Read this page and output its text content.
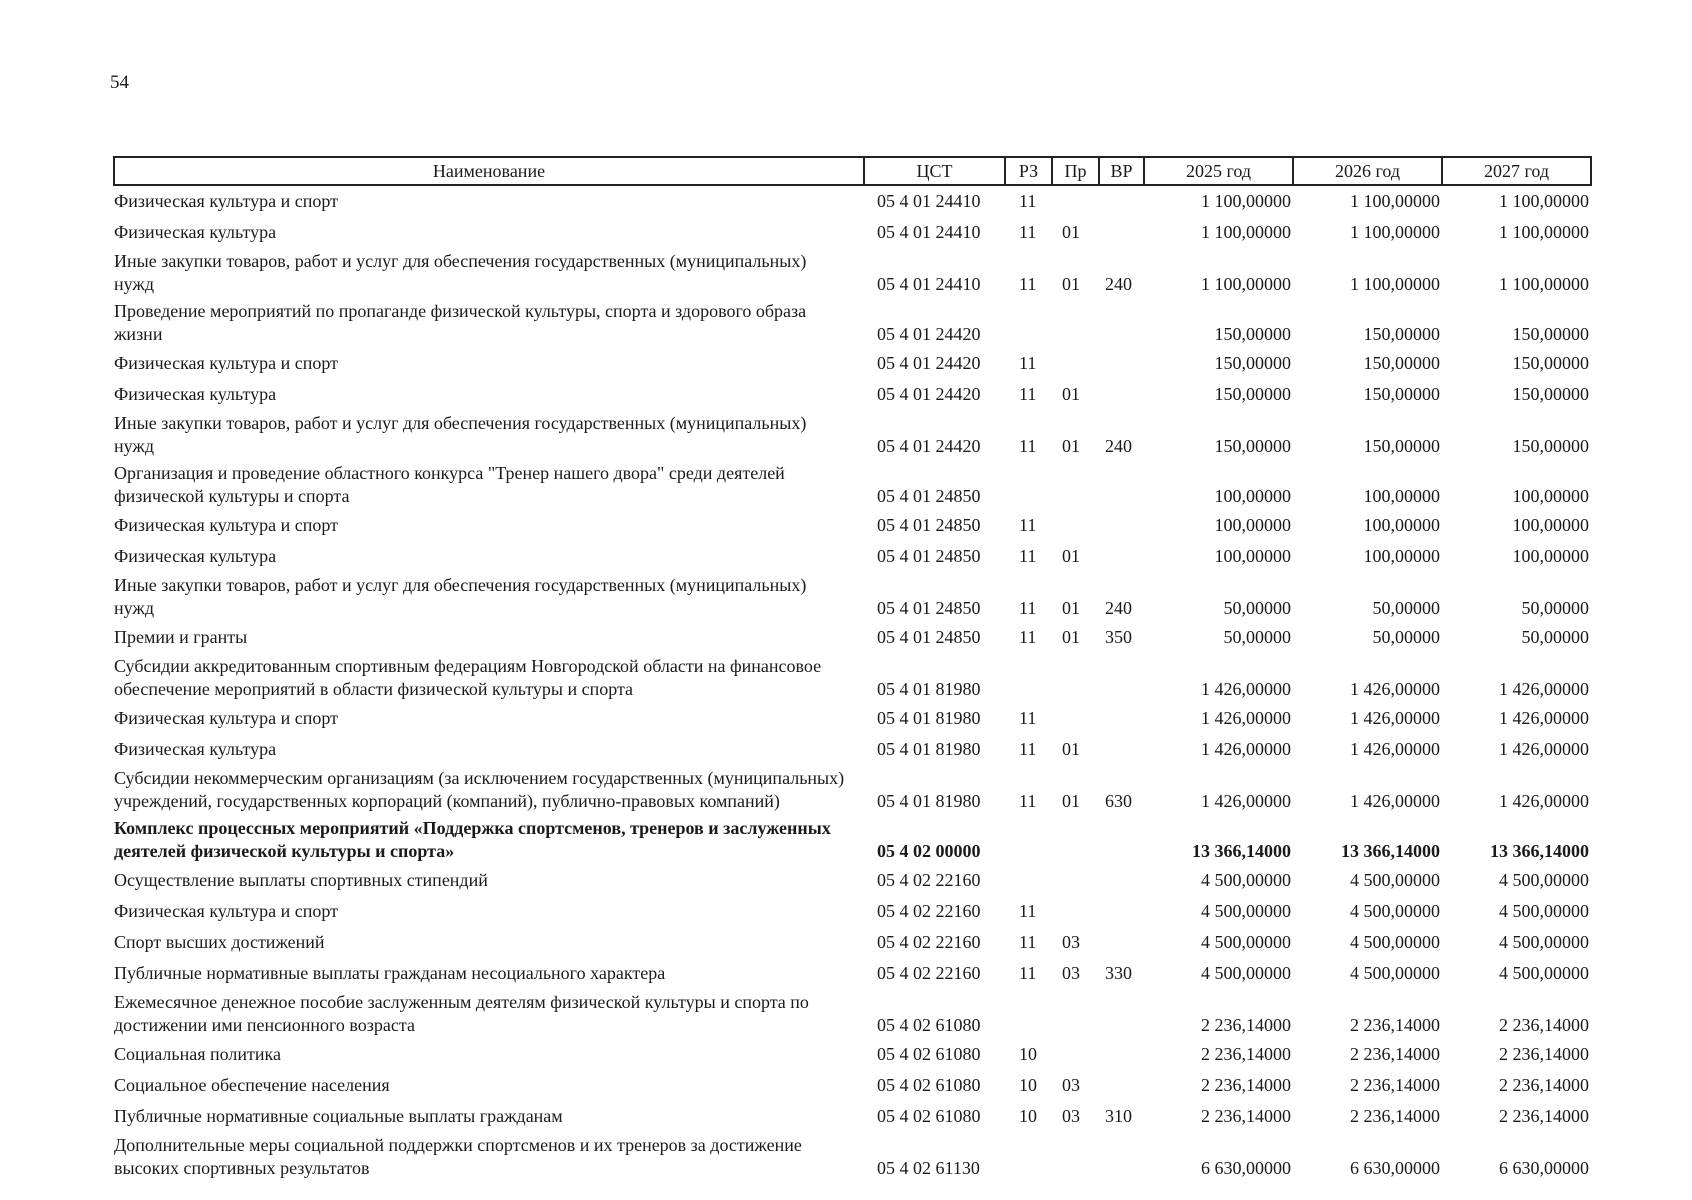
54
Наименование	ЦСТ	РЗ	Пр	ВР	2025 год	2026 год	2027 год
Физическая культура и спорт	05 4 01 24410	11			1 100,00000	1 100,00000	1 100,00000
Физическая культура	05 4 01 24410	11	01		1 100,00000	1 100,00000	1 100,00000
Иные закупки товаров, работ и услуг для обеспечения государственных (муниципальных) нужд	05 4 01 24410	11	01	240	1 100,00000	1 100,00000	1 100,00000
Проведение мероприятий по пропаганде физической культуры, спорта и здорового образа жизни	05 4 01 24420				150,00000	150,00000	150,00000
Физическая культура и спорт	05 4 01 24420	11			150,00000	150,00000	150,00000
Физическая культура	05 4 01 24420	11	01		150,00000	150,00000	150,00000
Иные закупки товаров, работ и услуг для обеспечения государственных (муниципальных) нужд	05 4 01 24420	11	01	240	150,00000	150,00000	150,00000
Организация и проведение областного конкурса "Тренер нашего двора" среди деятелей физической культуры и спорта	05 4 01 24850				100,00000	100,00000	100,00000
Физическая культура и спорт	05 4 01 24850	11			100,00000	100,00000	100,00000
Физическая культура	05 4 01 24850	11	01		100,00000	100,00000	100,00000
Иные закупки товаров, работ и услуг для обеспечения государственных (муниципальных) нужд	05 4 01 24850	11	01	240	50,00000	50,00000	50,00000
Премии и гранты	05 4 01 24850	11	01	350	50,00000	50,00000	50,00000
Субсидии аккредитованным спортивным федерациям Новгородской области на финансовое обеспечение мероприятий в области физической культуры и спорта	05 4 01 81980				1 426,00000	1 426,00000	1 426,00000
Физическая культура и спорт	05 4 01 81980	11			1 426,00000	1 426,00000	1 426,00000
Физическая культура	05 4 01 81980	11	01		1 426,00000	1 426,00000	1 426,00000
Субсидии некоммерческим организациям (за исключением государственных (муниципальных) учреждений, государственных корпораций (компаний), публично-правовых компаний)	05 4 01 81980	11	01	630	1 426,00000	1 426,00000	1 426,00000
Комплекс процессных мероприятий «Поддержка спортсменов, тренеров и заслуженных деятелей физической культуры и спорта»	05 4 02 00000				13 366,14000	13 366,14000	13 366,14000
Осуществление выплаты спортивных стипендий	05 4 02 22160				4 500,00000	4 500,00000	4 500,00000
Физическая культура и спорт	05 4 02 22160	11			4 500,00000	4 500,00000	4 500,00000
Спорт высших достижений	05 4 02 22160	11	03		4 500,00000	4 500,00000	4 500,00000
Публичные нормативные выплаты гражданам несоциального характера	05 4 02 22160	11	03	330	4 500,00000	4 500,00000	4 500,00000
Ежемесячное денежное пособие заслуженным деятелям физической культуры и спорта по достижении ими пенсионного возраста	05 4 02 61080				2 236,14000	2 236,14000	2 236,14000
Социальная политика	05 4 02 61080	10			2 236,14000	2 236,14000	2 236,14000
Социальное обеспечение населения	05 4 02 61080	10	03		2 236,14000	2 236,14000	2 236,14000
Публичные нормативные социальные выплаты гражданам	05 4 02 61080	10	03	310	2 236,14000	2 236,14000	2 236,14000
Дополнительные меры социальной поддержки спортсменов и их тренеров за достижение высоких спортивных результатов	05 4 02 61130				6 630,00000	6 630,00000	6 630,00000
